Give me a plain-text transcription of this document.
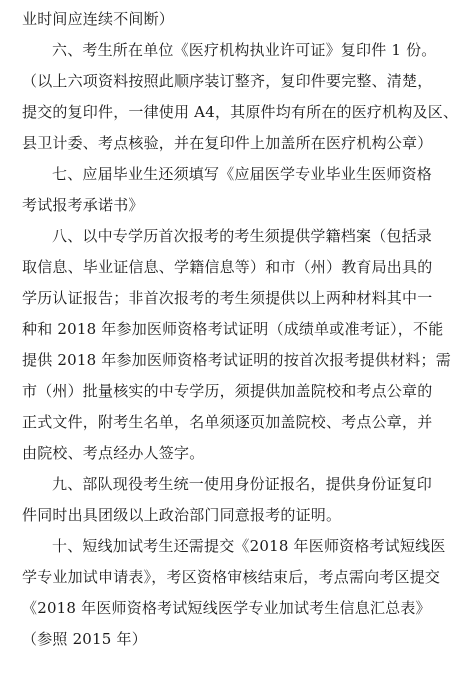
业时间应连续不间断）
六、考生所在单位《医疗机构执业许可证》复印件 1 份。
（以上六项资料按照此顺序装订整齐，复印件要完整、清楚，
提交的复印件，一律使用 A4，其原件均有所在的医疗机构及区、
县卫计委、考点核验，并在复印件上加盖所在医疗机构公章）
七、应届毕业生还须填写《应届医学专业毕业生医师资格
考试报考承诺书》
八、以中专学历首次报考的考生须提供学籍档案（包括录
取信息、毕业证信息、学籍信息等）和市（州）教育局出具的
学历认证报告；非首次报考的考生须提供以上两种材料其中一
种和 2018 年参加医师资格考试证明（成绩单或准考证），不能
提供 2018 年参加医师资格考试证明的按首次报考提供材料；需
市（州）批量核实的中专学历，须提供加盖院校和考点公章的
正式文件，附考生名单，名单须逐页加盖院校、考点公章，并
由院校、考点经办人签字。
九、部队现役考生统一使用身份证报名，提供身份证复印
件同时出具团级以上政治部门同意报考的证明。
十、短线加试考生还需提交《2018 年医师资格考试短线医
学专业加试申请表》，考区资格审核结束后，考点需向考区提交
《2018 年医师资格考试短线医学专业加试考生信息汇总表》
（参照 2015 年）
